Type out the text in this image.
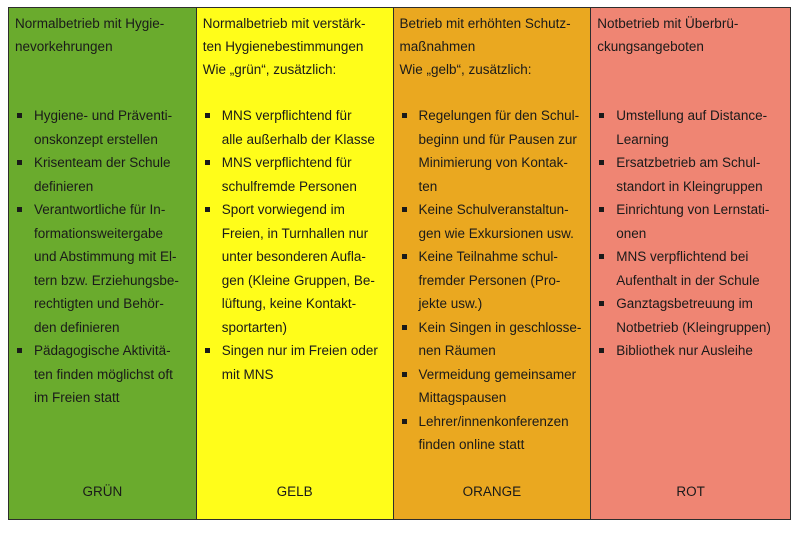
Normalbetrieb mit Hygie-
nevorkehrungen
Hygiene- und Präventi-
onskonzept erstellen
Krisenteam der Schule
definieren
Verantwortliche für In-
formationsweitergabe
und Abstimmung mit El-
tern bzw. Erziehungsbe-
rechtigten und Behör-
den definieren
Pädagogische Aktivitä-
ten finden möglichst oft
im Freien statt
GRÜN
Normalbetrieb mit verstärk-
ten Hygienebestimmungen
Wie „grün“, zusätzlich:
MNS verpflichtend für
alle außerhalb der Klasse
MNS verpflichtend für
schulfremde Personen
Sport vorwiegend im
Freien, in Turnhallen nur
unter besonderen Aufla-
gen (Kleine Gruppen, Be-
lüftung, keine Kontakt-
sportarten)
Singen nur im Freien oder
mit MNS
GELB
Betrieb mit erhöhten Schutz-
maßnahmen
Wie „gelb“, zusätzlich:
Regelungen für den Schul-
beginn und für Pausen zur
Minimierung von Kontak-
ten
Keine Schulveranstaltun-
gen wie Exkursionen usw.
Keine Teilnahme schul-
fremder Personen (Pro-
jekte usw.)
Kein Singen in geschlosse-
nen Räumen
Vermeidung gemeinsamer
Mittagspausen
Lehrer/innenkonferenzen
finden online statt
ORANGE
Notbetrieb mit Überbrü-
ckungsangeboten
Umstellung auf Distance-
Learning
Ersatzbetrieb am Schul-
standort in Kleingruppen
Einrichtung von Lernstati-
onen
MNS verpflichtend bei
Aufenthalt in der Schule
Ganztagsbetreuung im
Notbetrieb (Kleingruppen)
Bibliothek nur Ausleihe
ROT
